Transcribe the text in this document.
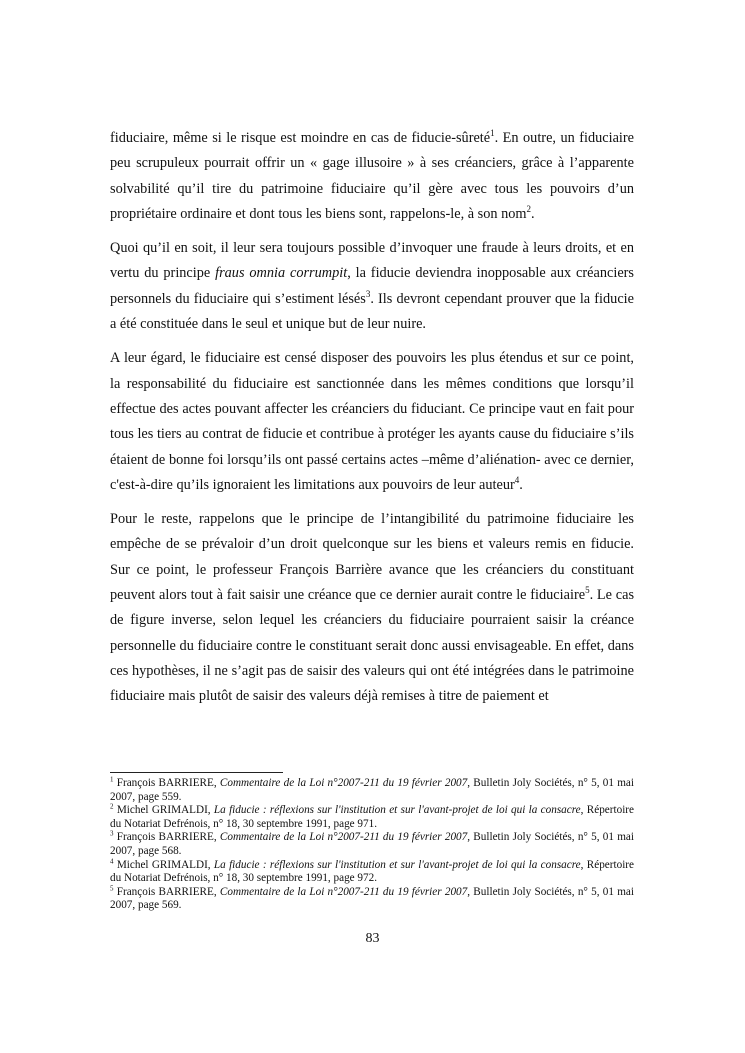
fiduciaire, même si le risque est moindre en cas de fiducie-sûreté$^1$. En outre, un fiduciaire peu scrupuleux pourrait offrir un « gage illusoire » à ses créanciers, grâce à l’apparente solvabilité qu’il tire du patrimoine fiduciaire qu’il gère avec tous les pouvoirs d’un propriétaire ordinaire et dont tous les biens sont, rappelons-le, à son nom$^2$.

Quoi qu’il en soit, il leur sera toujours possible d’invoquer une fraude à leurs droits, et en vertu du principe fraus omnia corrumpit, la fiducie deviendra inopposable aux créanciers personnels du fiduciaire qui s’estiment lésés$^3$. Ils devront cependant prouver que la fiducie a été constituée dans le seul et unique but de leur nuire.

A leur égard, le fiduciaire est censé disposer des pouvoirs les plus étendus et sur ce point, la responsabilité du fiduciaire est sanctionnée dans les mêmes conditions que lorsqu’il effectue des actes pouvant affecter les créanciers du fiduciant. Ce principe vaut en fait pour tous les tiers au contrat de fiducie et contribue à protéger les ayants cause du fiduciaire s’ils étaient de bonne foi lorsqu’ils ont passé certains actes –même d’aliénation- avec ce dernier, c'est-à-dire qu’ils ignoraient les limitations aux pouvoirs de leur auteur$^4$.

Pour le reste, rappelons que le principe de l’intangibilité du patrimoine fiduciaire les empêche de se prévaloir d’un droit quelconque sur les biens et valeurs remis en fiducie. Sur ce point, le professeur François Barrière avance que les créanciers du constituant peuvent alors tout à fait saisir une créance que ce dernier aurait contre le fiduciaire$^5$. Le cas de figure inverse, selon lequel les créanciers du fiduciaire pourraient saisir la créance personnelle du fiduciaire contre le constituant serait donc aussi envisageable. En effet, dans ces hypothèses, il ne s’agit pas de saisir des valeurs qui ont été intégrées dans le patrimoine fiduciaire mais plutôt de saisir des valeurs déjà remises à titre de paiement et

$^1$ François BARRIERE, Commentaire de la Loi n°2007-211 du 19 février 2007, Bulletin Joly Sociétés, n° 5, 01 mai 2007, page 559.

$^2$ Michel GRIMALDI, La fiducie : réflexions sur l'institution et sur l'avant-projet de loi qui la consacre, Répertoire du Notariat Defrénois, n° 18, 30 septembre 1991, page 971.

$^3$ François BARRIERE, Commentaire de la Loi n°2007-211 du 19 février 2007, Bulletin Joly Sociétés, n° 5, 01 mai 2007, page 568.

$^4$ Michel GRIMALDI, La fiducie : réflexions sur l'institution et sur l'avant-projet de loi qui la consacre, Répertoire du Notariat Defrénois, n° 18, 30 septembre 1991, page 972.

$^5$ François BARRIERE, Commentaire de la Loi n°2007-211 du 19 février 2007, Bulletin Joly Sociétés, n° 5, 01 mai 2007, page 569.

83
